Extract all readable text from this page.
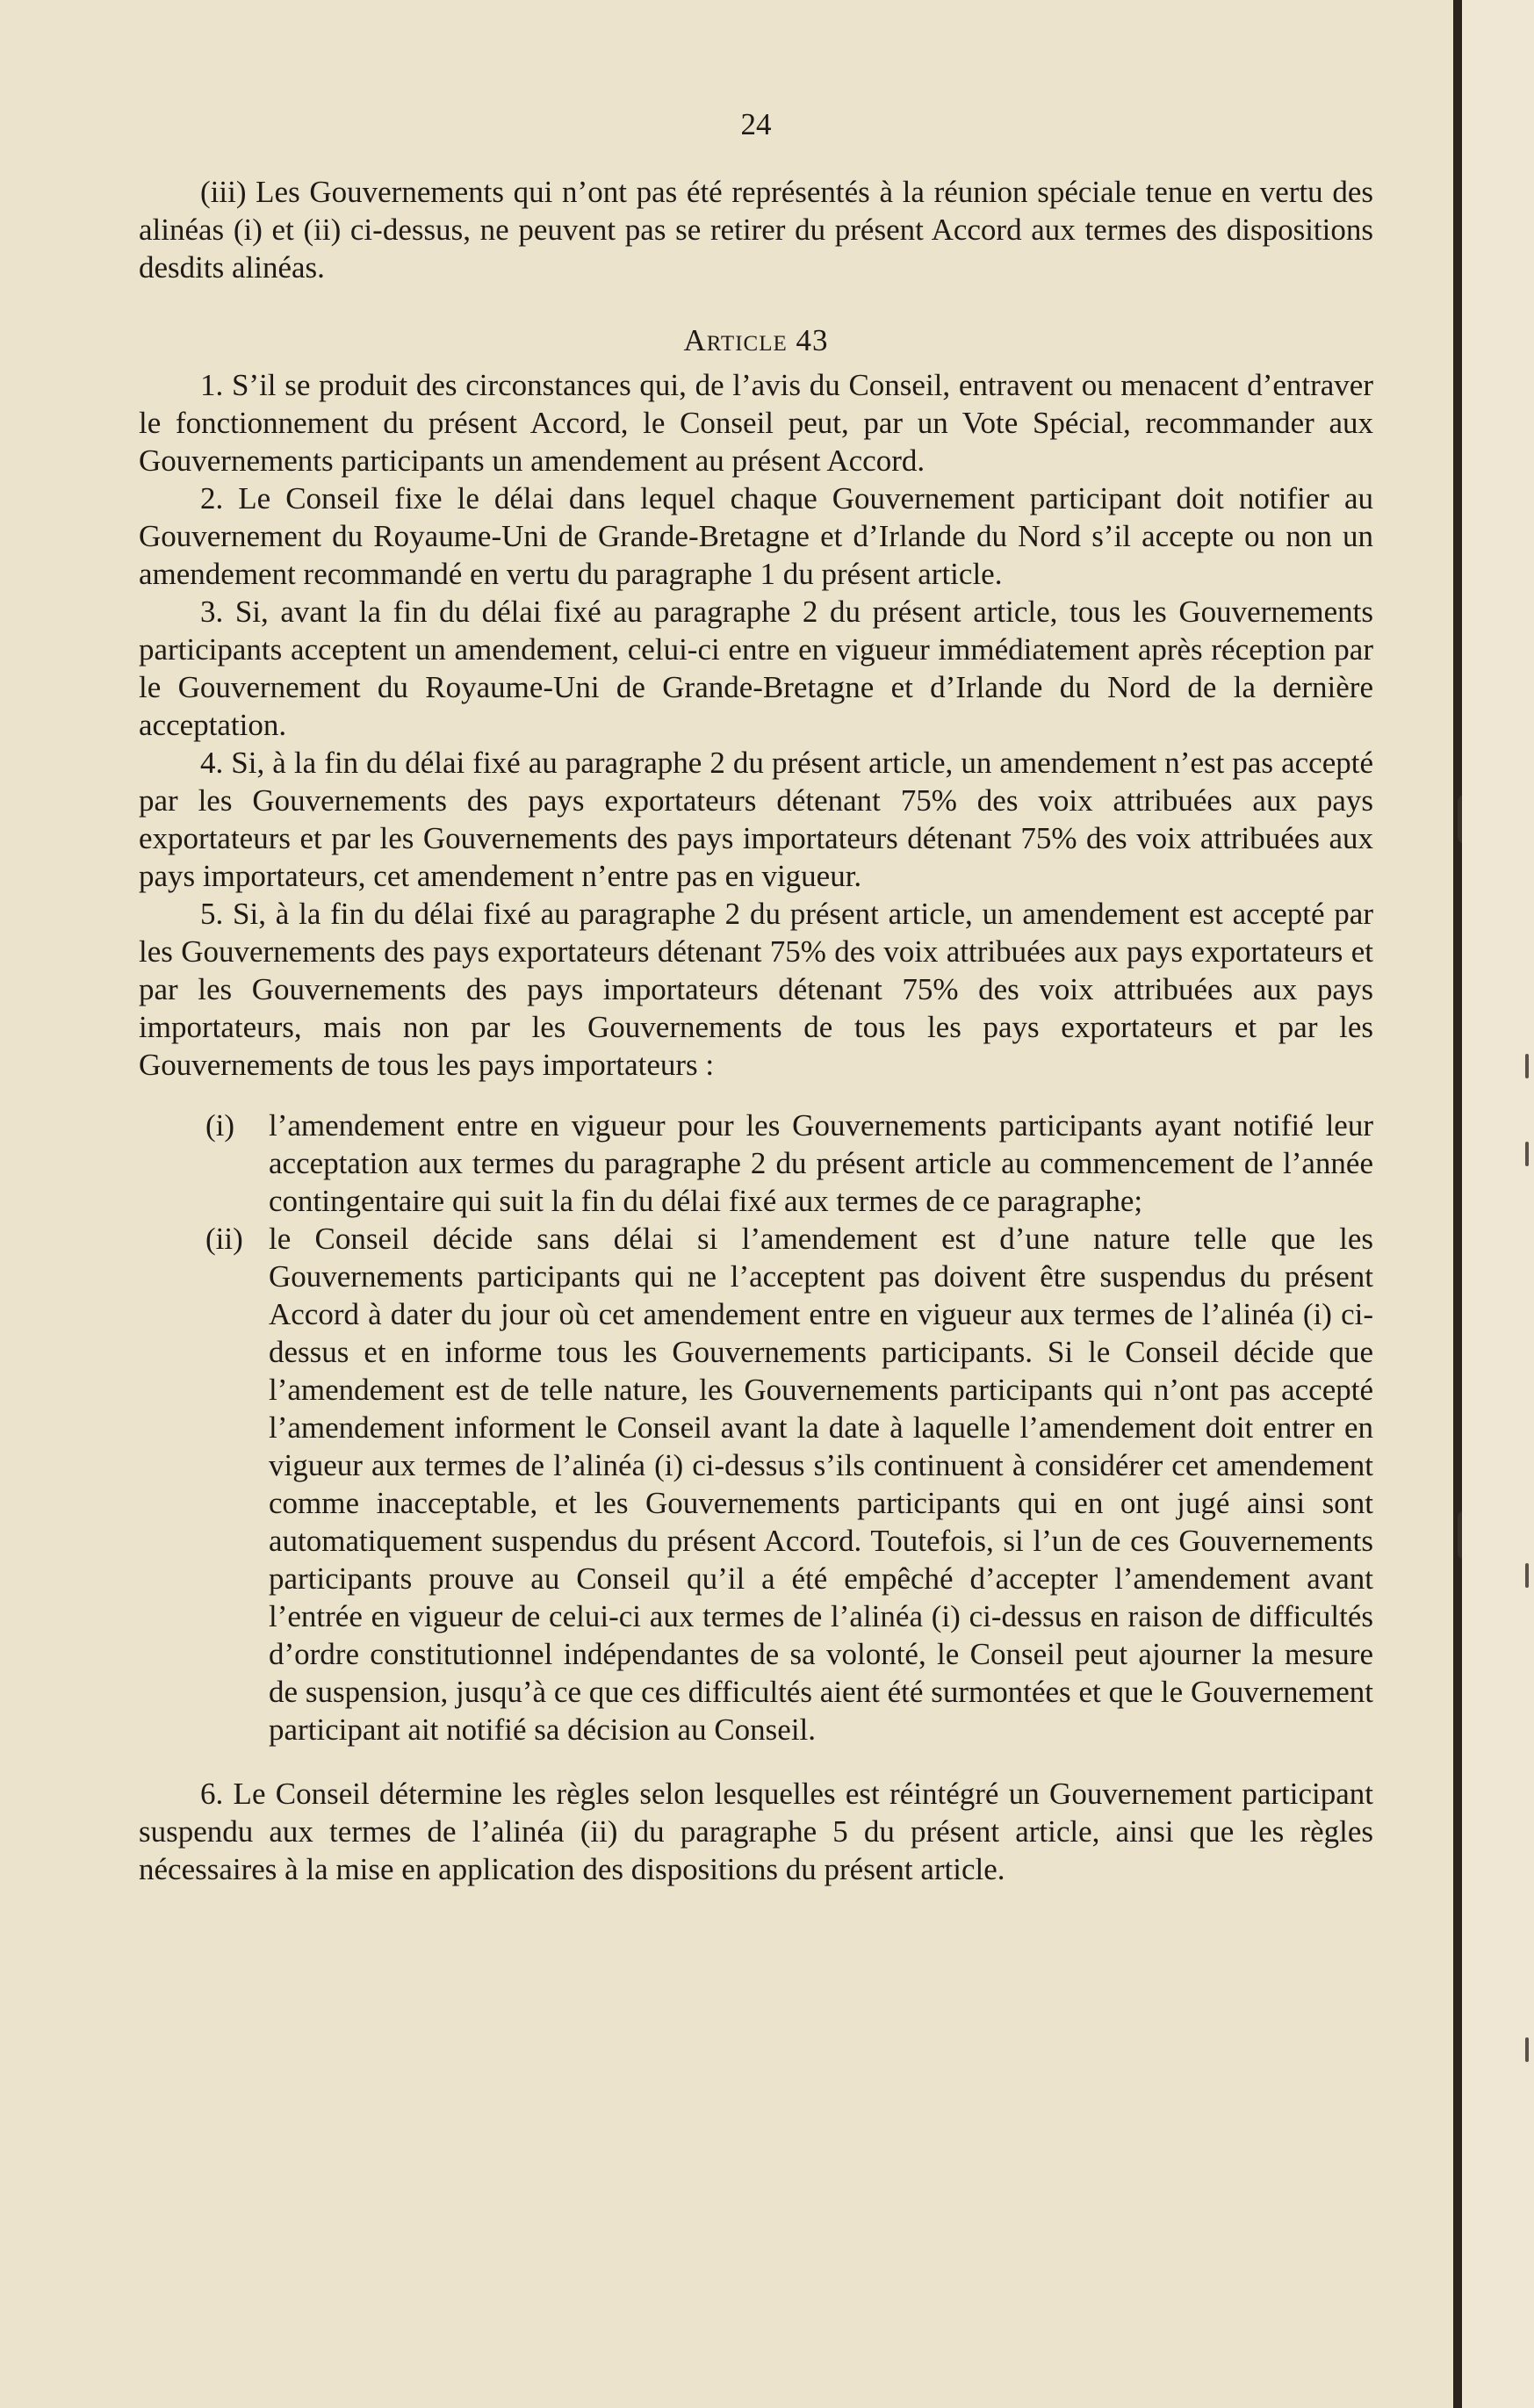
24

(iii) Les Gouvernements qui n’ont pas été représentés à la réunion spéciale tenue en vertu des alinéas (i) et (ii) ci-dessus, ne peuvent pas se retirer du présent Accord aux termes des dispositions desdits alinéas.

Article 43

1. S’il se produit des circonstances qui, de l’avis du Conseil, entravent ou menacent d’entraver le fonctionnement du présent Accord, le Conseil peut, par un Vote Spécial, recommander aux Gouvernements participants un amendement au présent Accord.

2. Le Conseil fixe le délai dans lequel chaque Gouvernement participant doit notifier au Gouvernement du Royaume-Uni de Grande-Bretagne et d’Irlande du Nord s’il accepte ou non un amendement recommandé en vertu du paragraphe 1 du présent article.

3. Si, avant la fin du délai fixé au paragraphe 2 du présent article, tous les Gouvernements participants acceptent un amendement, celui-ci entre en vigueur immédiatement après réception par le Gouvernement du Royaume-Uni de Grande-Bretagne et d’Irlande du Nord de la dernière acceptation.

4. Si, à la fin du délai fixé au paragraphe 2 du présent article, un amendement n’est pas accepté par les Gouvernements des pays exportateurs détenant 75% des voix attribuées aux pays exportateurs et par les Gouvernements des pays importateurs détenant 75% des voix attribuées aux pays importateurs, cet amendement n’entre pas en vigueur.

5. Si, à la fin du délai fixé au paragraphe 2 du présent article, un amendement est accepté par les Gouvernements des pays exportateurs détenant 75% des voix attribuées aux pays exportateurs et par les Gouvernements des pays importateurs détenant 75% des voix attribuées aux pays importateurs, mais non par les Gouvernements de tous les pays exportateurs et par les Gouvernements de tous les pays importateurs :

(i) l’amendement entre en vigueur pour les Gouvernements participants ayant notifié leur acceptation aux termes du paragraphe 2 du présent article au commencement de l’année contingentaire qui suit la fin du délai fixé aux termes de ce paragraphe;
(ii) le Conseil décide sans délai si l’amendement est d’une nature telle que les Gouvernements participants qui ne l’acceptent pas doivent être suspendus du présent Accord à dater du jour où cet amendement entre en vigueur aux termes de l’alinéa (i) ci-dessus et en informe tous les Gouvernements participants. Si le Conseil décide que l’amendement est de telle nature, les Gouvernements participants qui n’ont pas accepté l’amendement informent le Conseil avant la date à laquelle l’amendement doit entrer en vigueur aux termes de l’alinéa (i) ci-dessus s’ils continuent à considérer cet amendement comme inacceptable, et les Gouvernements participants qui en ont jugé ainsi sont automatiquement suspendus du présent Accord. Toutefois, si l’un de ces Gouvernements participants prouve au Conseil qu’il a été empêché d’accepter l’amendement avant l’entrée en vigueur de celui-ci aux termes de l’alinéa (i) ci-dessus en raison de difficultés d’ordre constitutionnel indépendantes de sa volonté, le Conseil peut ajourner la mesure de suspension, jusqu’à ce que ces difficultés aient été surmontées et que le Gouvernement participant ait notifié sa décision au Conseil.

6. Le Conseil détermine les règles selon lesquelles est réintégré un Gouvernement participant suspendu aux termes de l’alinéa (ii) du paragraphe 5 du présent article, ainsi que les règles nécessaires à la mise en application des dispositions du présent article.
